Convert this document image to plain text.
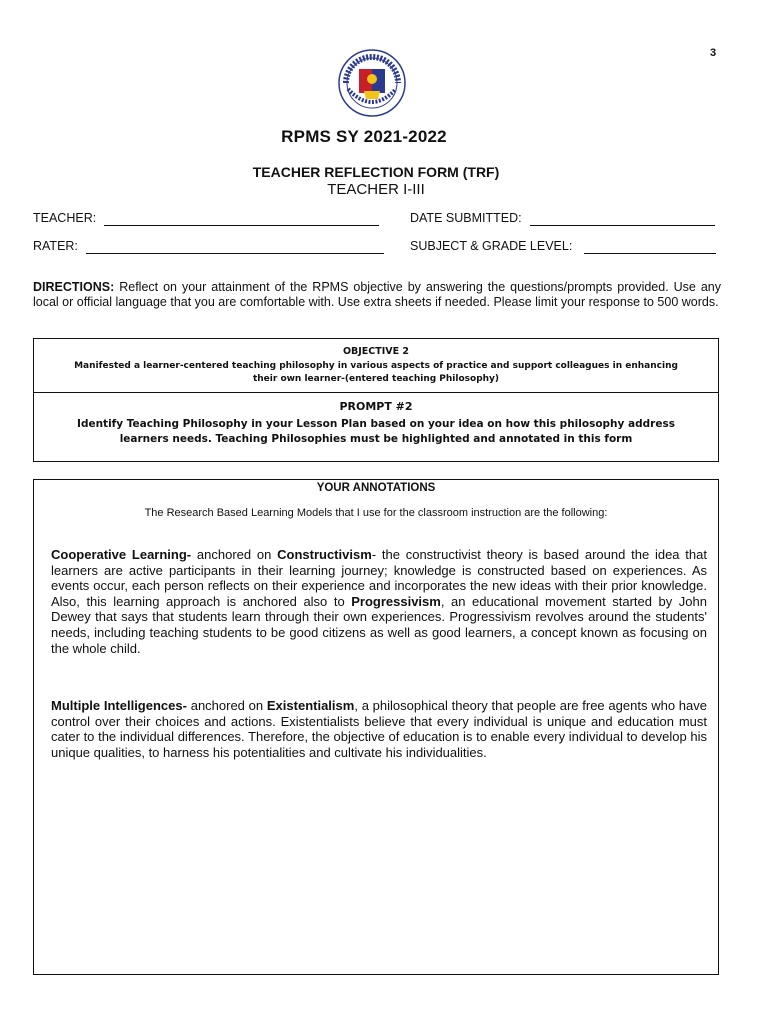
3
RPMS SY 2021-2022
TEACHER REFLECTION FORM (TRF)
TEACHER I-III
TEACHER:	DATE SUBMITTED:
RATER:	SUBJECT & GRADE LEVEL:
DIRECTIONS: Reflect on your attainment of the RPMS objective by answering the questions/prompts provided. Use any local or official language that you are comfortable with. Use extra sheets if needed. Please limit your response to 500 words.
OBJECTIVE 2
Manifested a learner-centered teaching philosophy in various aspects of practice and support colleagues in enhancing their own learner-(entered teaching Philosophy)
PROMPT #2
Identify Teaching Philosophy in your Lesson Plan based on your idea on how this philosophy address learners needs. Teaching Philosophies must be highlighted and annotated in this form
YOUR ANNOTATIONS
The Research Based Learning Models that I use for the classroom instruction are the following:
Cooperative Learning- anchored on Constructivism- the constructivist theory is based around the idea that learners are active participants in their learning journey; knowledge is constructed based on experiences. As events occur, each person reflects on their experience and incorporates the new ideas with their prior knowledge. Also, this learning approach is anchored also to Progressivism, an educational movement started by John Dewey that says that students learn through their own experiences. Progressivism revolves around the students' needs, including teaching students to be good citizens as well as good learners, a concept known as focusing on the whole child.
Multiple Intelligences- anchored on Existentialism, a philosophical theory that people are free agents who have control over their choices and actions. Existentialists believe that every individual is unique and education must cater to the individual differences. Therefore, the objective of education is to enable every individual to develop his unique qualities, to harness his potentialities and cultivate his individualities.
